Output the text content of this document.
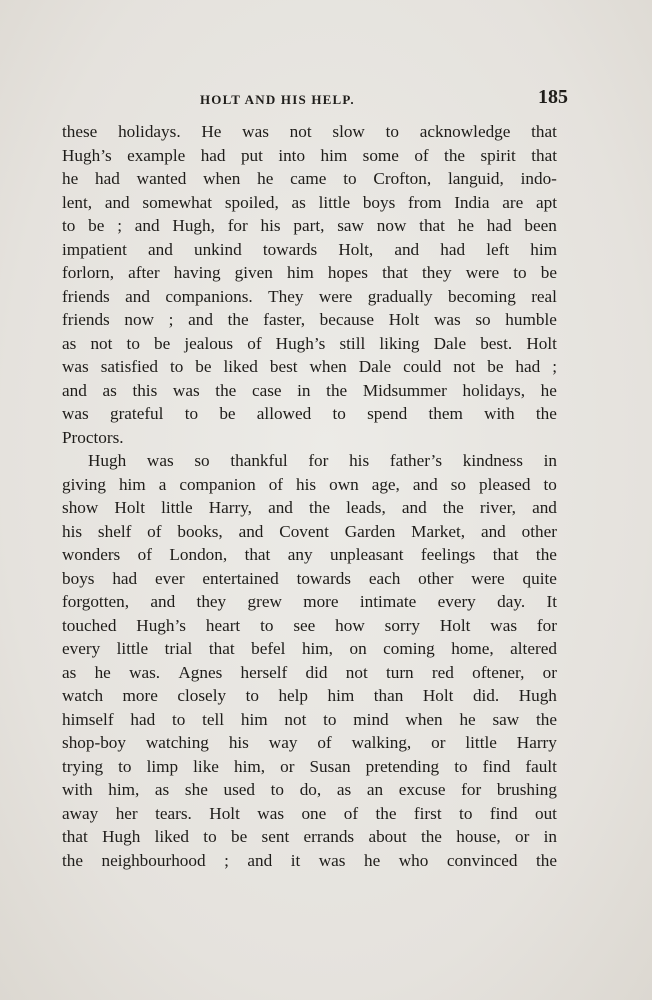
HOLT AND HIS HELP.	185
these holidays. He was not slow to acknowledge that
Hugh’s example had put into him some of the spirit that
he had wanted when he came to Crofton, languid, indo-
lent, and somewhat spoiled, as little boys from India are apt
to be ; and Hugh, for his part, saw now that he had been
impatient and unkind towards Holt, and had left him
forlorn, after having given him hopes that they were to be
friends and companions. They were gradually becoming real
friends now ; and the faster, because Holt was so humble
as not to be jealous of Hugh’s still liking Dale best. Holt
was satisfied to be liked best when Dale could not be had ;
and as this was the case in the Midsummer holidays, he
was grateful to be allowed to spend them with the
Proctors.
Hugh was so thankful for his father’s kindness in
giving him a companion of his own age, and so pleased to
show Holt little Harry, and the leads, and the river, and
his shelf of books, and Covent Garden Market, and other
wonders of London, that any unpleasant feelings that the
boys had ever entertained towards each other were quite
forgotten, and they grew more intimate every day. It
touched Hugh’s heart to see how sorry Holt was for
every little trial that befel him, on coming home, altered
as he was. Agnes herself did not turn red oftener, or
watch more closely to help him than Holt did. Hugh
himself had to tell him not to mind when he saw the
shop-boy watching his way of walking, or little Harry
trying to limp like him, or Susan pretending to find fault
with him, as she used to do, as an excuse for brushing
away her tears. Holt was one of the first to find out
that Hugh liked to be sent errands about the house, or in
the neighbourhood ; and it was he who convinced the
